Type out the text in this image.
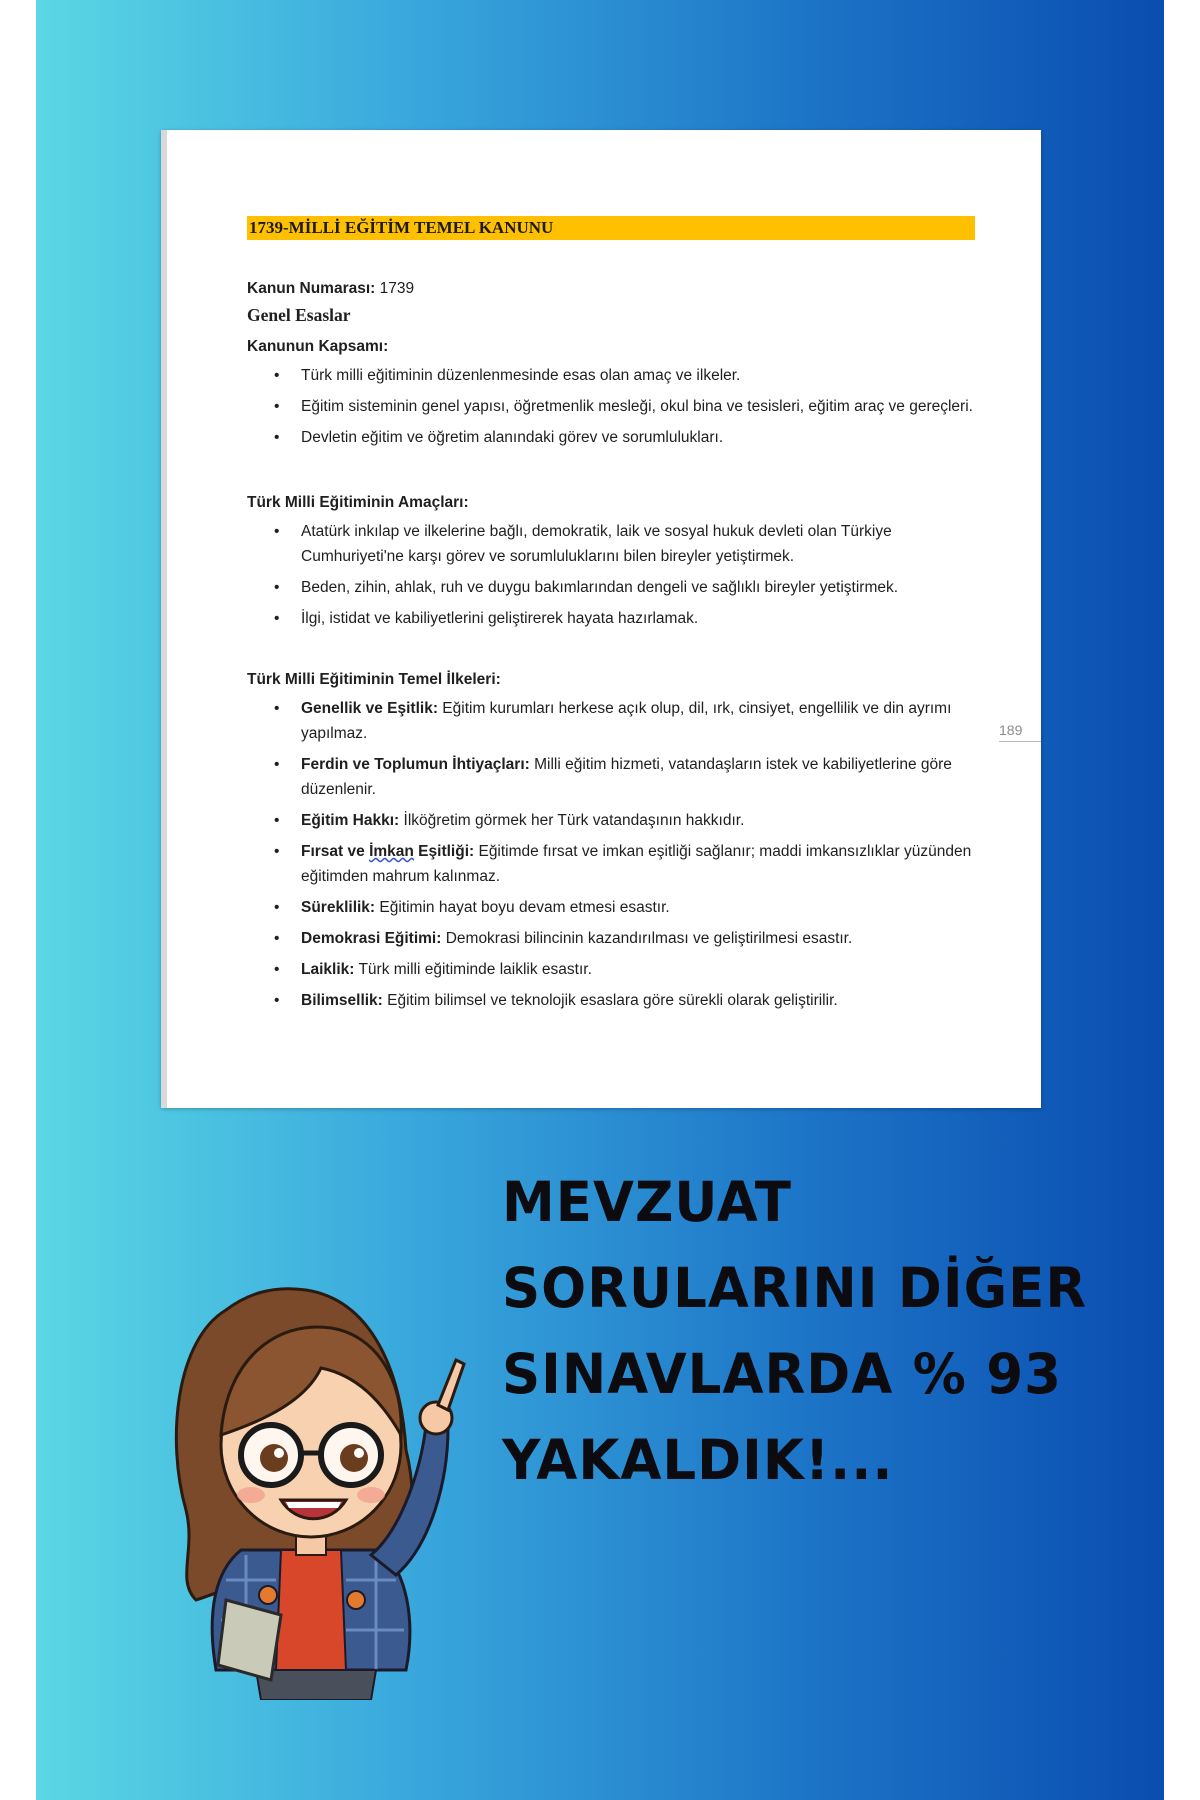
1739-MİLLİ EĞİTİM TEMEL KANUNU

Kanun Numarası: 1739

Genel Esaslar
Kanunun Kapsamı:
• Türk milli eğitiminin düzenlenmesinde esas olan amaç ve ilkeler.
• Eğitim sisteminin genel yapısı, öğretmenlik mesleği, okul bina ve tesisleri, eğitim araç ve gereçleri.
• Devletin eğitim ve öğretim alanındaki görev ve sorumlulukları.
Türk Milli Eğitiminin Amaçları:
• Atatürk inkılap ve ilkelerine bağlı, demokratik, laik ve sosyal hukuk devleti olan Türkiye Cumhuriyeti'ne karşı görev ve sorumluluklarını bilen bireyler yetiştirmek.
• Beden, zihin, ahlak, ruh ve duygu bakımlarından dengeli ve sağlıklı bireyler yetiştirmek.
• İlgi, istidat ve kabiliyetlerini geliştirerek hayata hazırlamak.
Türk Milli Eğitiminin Temel İlkeleri:
• Genellik ve Eşitlik: Eğitim kurumları herkese açık olup, dil, ırk, cinsiyet, engellilik ve din ayrımı yapılmaz.
• Ferdin ve Toplumun İhtiyaçları: Milli eğitim hizmeti, vatandaşların istek ve kabiliyetlerine göre düzenlenir.
• Eğitim Hakkı: İlköğretim görmek her Türk vatandaşının hakkıdır.
• Fırsat ve İmkan Eşitliği: Eğitimde fırsat ve imkan eşitliği sağlanır; maddi imkansızlıklar yüzünden eğitimden mahrum kalınmaz.
• Süreklilik: Eğitimin hayat boyu devam etmesi esastır.
• Demokrasi Eğitimi: Demokrasi bilincinin kazandırılması ve geliştirilmesi esastır.
• Laiklik: Türk milli eğitiminde laiklik esastır.
• Bilimsellik: Eğitim bilimsel ve teknolojik esaslara göre sürekli olarak geliştirilir.
189
MEVZUAT
SORULARINI DİĞER
SINAVLARDA % 93
YAKALDIK!...
